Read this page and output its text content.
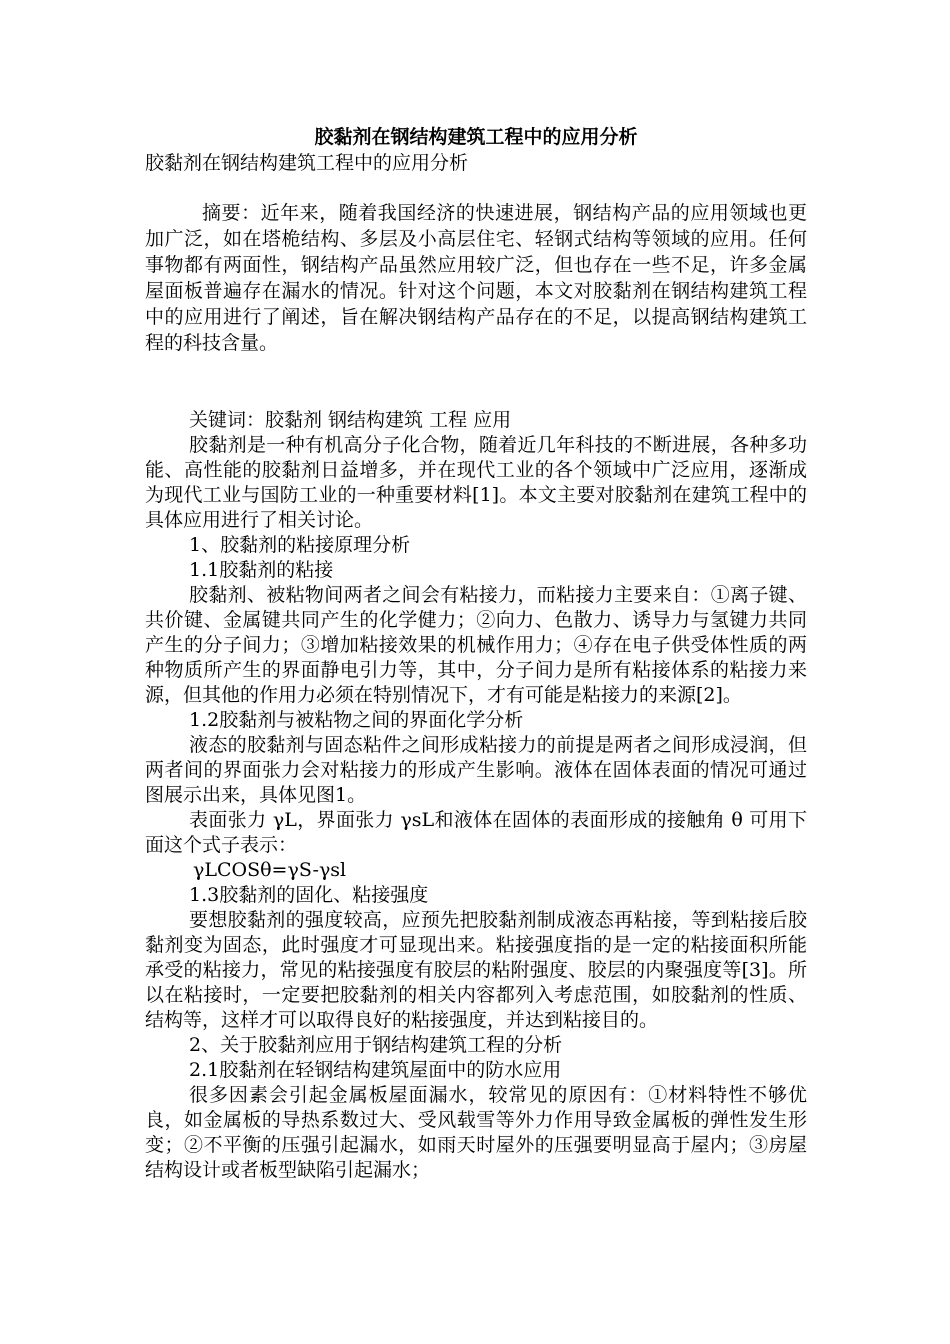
胶黏剂在钢结构建筑工程中的应用分析
胶黏剂在钢结构建筑工程中的应用分析

摘要：近年来，随着我国经济的快速进展，钢结构产品的应用领域也更加广泛，如在塔桅结构、多层及小高层住宅、轻钢式结构等领域的应用。任何事物都有两面性，钢结构产品虽然应用较广泛，但也存在一些不足，许多金属屋面板普遍存在漏水的情况。针对这个问题，本文对胶黏剂在钢结构建筑工程中的应用进行了阐述，旨在解决钢结构产品存在的不足，以提高钢结构建筑工程的科技含量。

关键词：胶黏剂 钢结构建筑 工程 应用

胶黏剂是一种有机高分子化合物，随着近几年科技的不断进展，各种多功能、高性能的胶黏剂日益增多，并在现代工业的各个领域中广泛应用，逐渐成为现代工业与国防工业的一种重要材料[1]。本文主要对胶黏剂在建筑工程中的具体应用进行了相关讨论。

1、胶黏剂的粘接原理分析

1.1胶黏剂的粘接

胶黏剂、被粘物间两者之间会有粘接力，而粘接力主要来自：①离子键、共价键、金属键共同产生的化学健力；②向力、色散力、诱导力与氢键力共同产生的分子间力；③增加粘接效果的机械作用力；④存在电子供受体性质的两种物质所产生的界面静电引力等，其中，分子间力是所有粘接体系的粘接力来源，但其他的作用力必须在特别情况下，才有可能是粘接力的来源[2]。

1.2胶黏剂与被粘物之间的界面化学分析

液态的胶黏剂与固态粘件之间形成粘接力的前提是两者之间形成浸润，但两者间的界面张力会对粘接力的形成产生影响。液体在固体表面的情况可通过图展示出来，具体见图1。

表面张力 γL，界面张力 γsL和液体在固体的表面形成的接触角 θ 可用下面这个式子表示：

γLCOSθ=γS-γsl

1.3胶黏剂的固化、粘接强度

要想胶黏剂的强度较高，应预先把胶黏剂制成液态再粘接，等到粘接后胶黏剂变为固态，此时强度才可显现出来。粘接强度指的是一定的粘接面积所能承受的粘接力，常见的粘接强度有胶层的粘附强度、胶层的内聚强度等[3]。所以在粘接时，一定要把胶黏剂的相关内容都列入考虑范围，如胶黏剂的性质、结构等，这样才可以取得良好的粘接强度，并达到粘接目的。

2、关于胶黏剂应用于钢结构建筑工程的分析

2.1胶黏剂在轻钢结构建筑屋面中的防水应用

很多因素会引起金属板屋面漏水，较常见的原因有：①材料特性不够优良，如金属板的导热系数过大、受风载雪等外力作用导致金属板的弹性发生形变；②不平衡的压强引起漏水，如雨天时屋外的压强要明显高于屋内；③房屋结构设计或者板型缺陷引起漏水；
